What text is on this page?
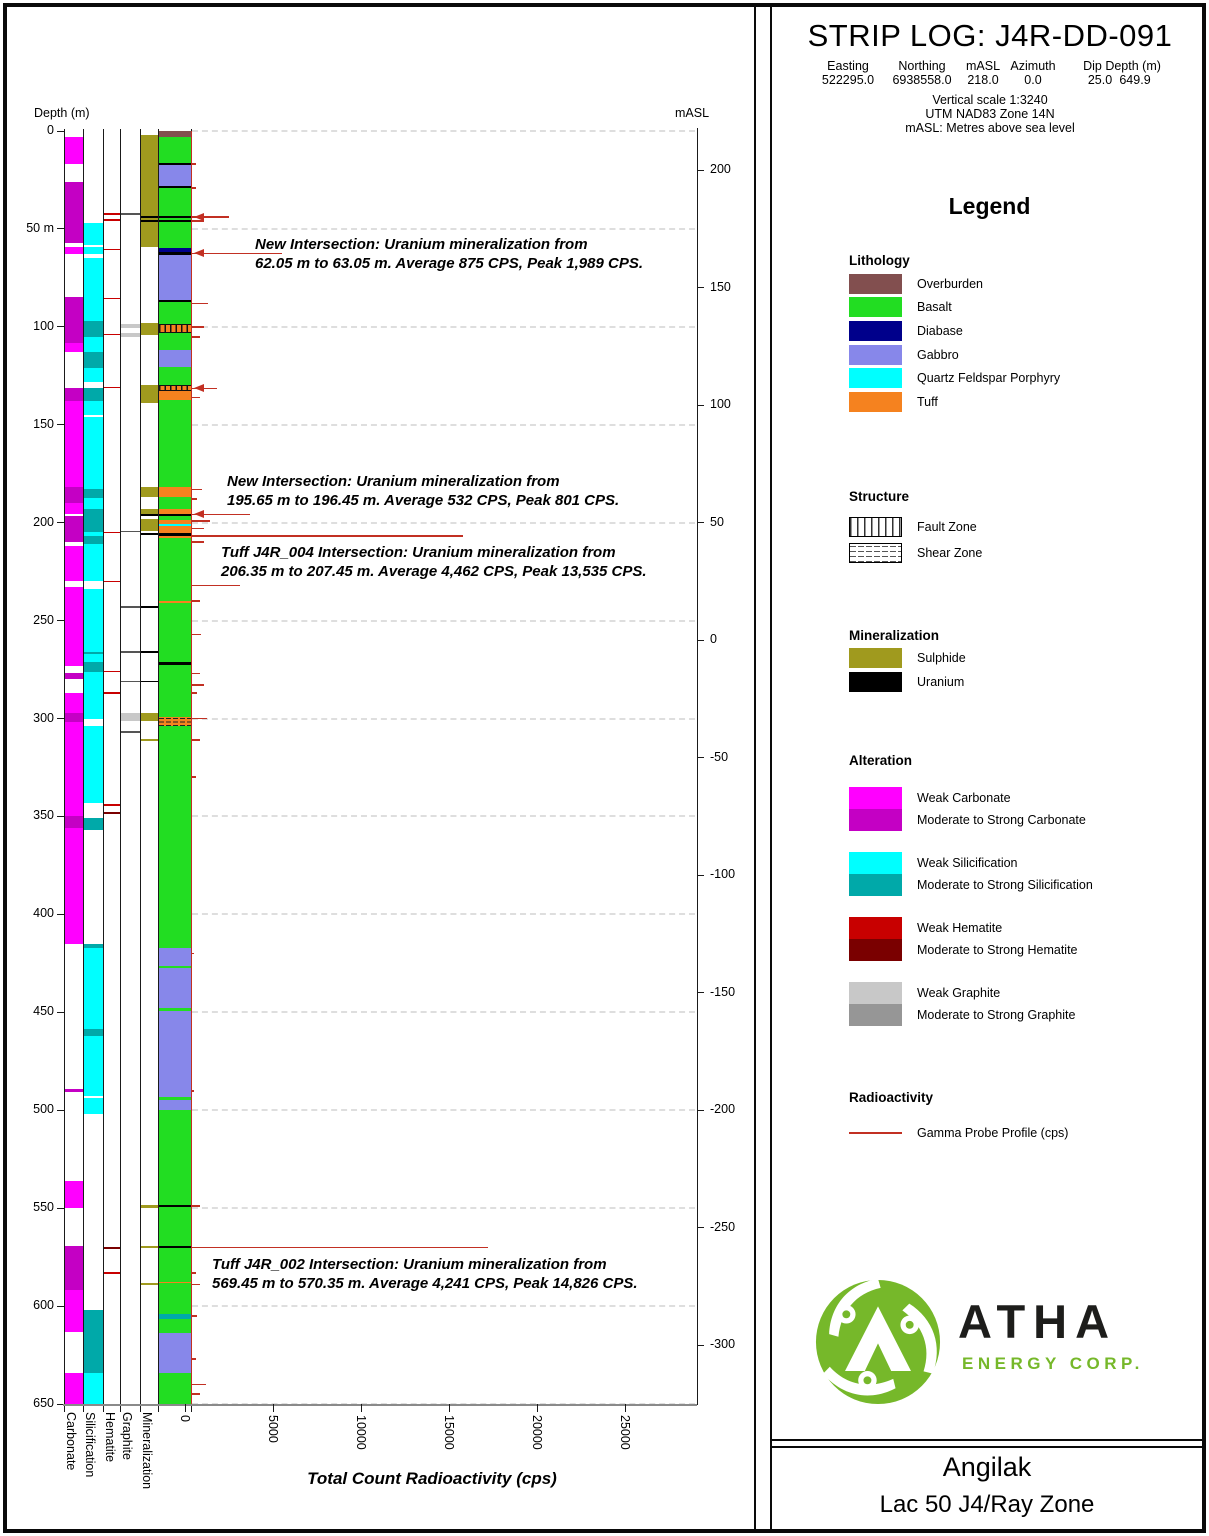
Depth (m)	mASL
Total Count Radioactivity (cps)
0
50 m
100
150
200
250
300
350
400
450
500
550
600
650
200
150
100
50
0
-50
-100
-150
-200
-250
-300
0	5000	10000	15000	20000	25000
Carbonate Silicification Hematite Graphite Mineralization
New Intersection: Uranium mineralization from
62.05 m to 63.05 m. Average 875 CPS, Peak 1,989 CPS.
New Intersection: Uranium mineralization from
195.65 m to 196.45 m. Average 532 CPS, Peak 801 CPS.
Tuff J4R_004 Intersection: Uranium mineralization from
206.35 m to 207.45 m. Average 4,462 CPS, Peak 13,535 CPS.
Tuff J4R_002 Intersection: Uranium mineralization from
569.45 m to 570.35 m. Average 4,241 CPS, Peak 14,826 CPS.
STRIP LOG: J4R-DD-091
Easting Northing mASL Azimuth Dip Depth (m)
522295.0 6938558.0 218.0 0.0	25.0 649.9
Vertical scale 1:3240
UTM NAD83 Zone 14N
mASL: Metres above sea level
Legend
Lithology
Overburden
Basalt
Diabase
Gabbro
Quartz Feldspar Porphyry
Tuff
Structure
Fault Zone
Shear Zone
Mineralization
Sulphide
Uranium
Alteration
Weak Carbonate
Moderate to Strong Carbonate
Weak Silicification
Moderate to Strong Silicification
Weak Hematite
Moderate to Strong Hematite
Weak Graphite
Moderate to Strong Graphite
Radioactivity
Gamma Probe Profile (cps)
ATHA
ENERGY CORP.
Angilak
Lac 50 J4/Ray Zone
